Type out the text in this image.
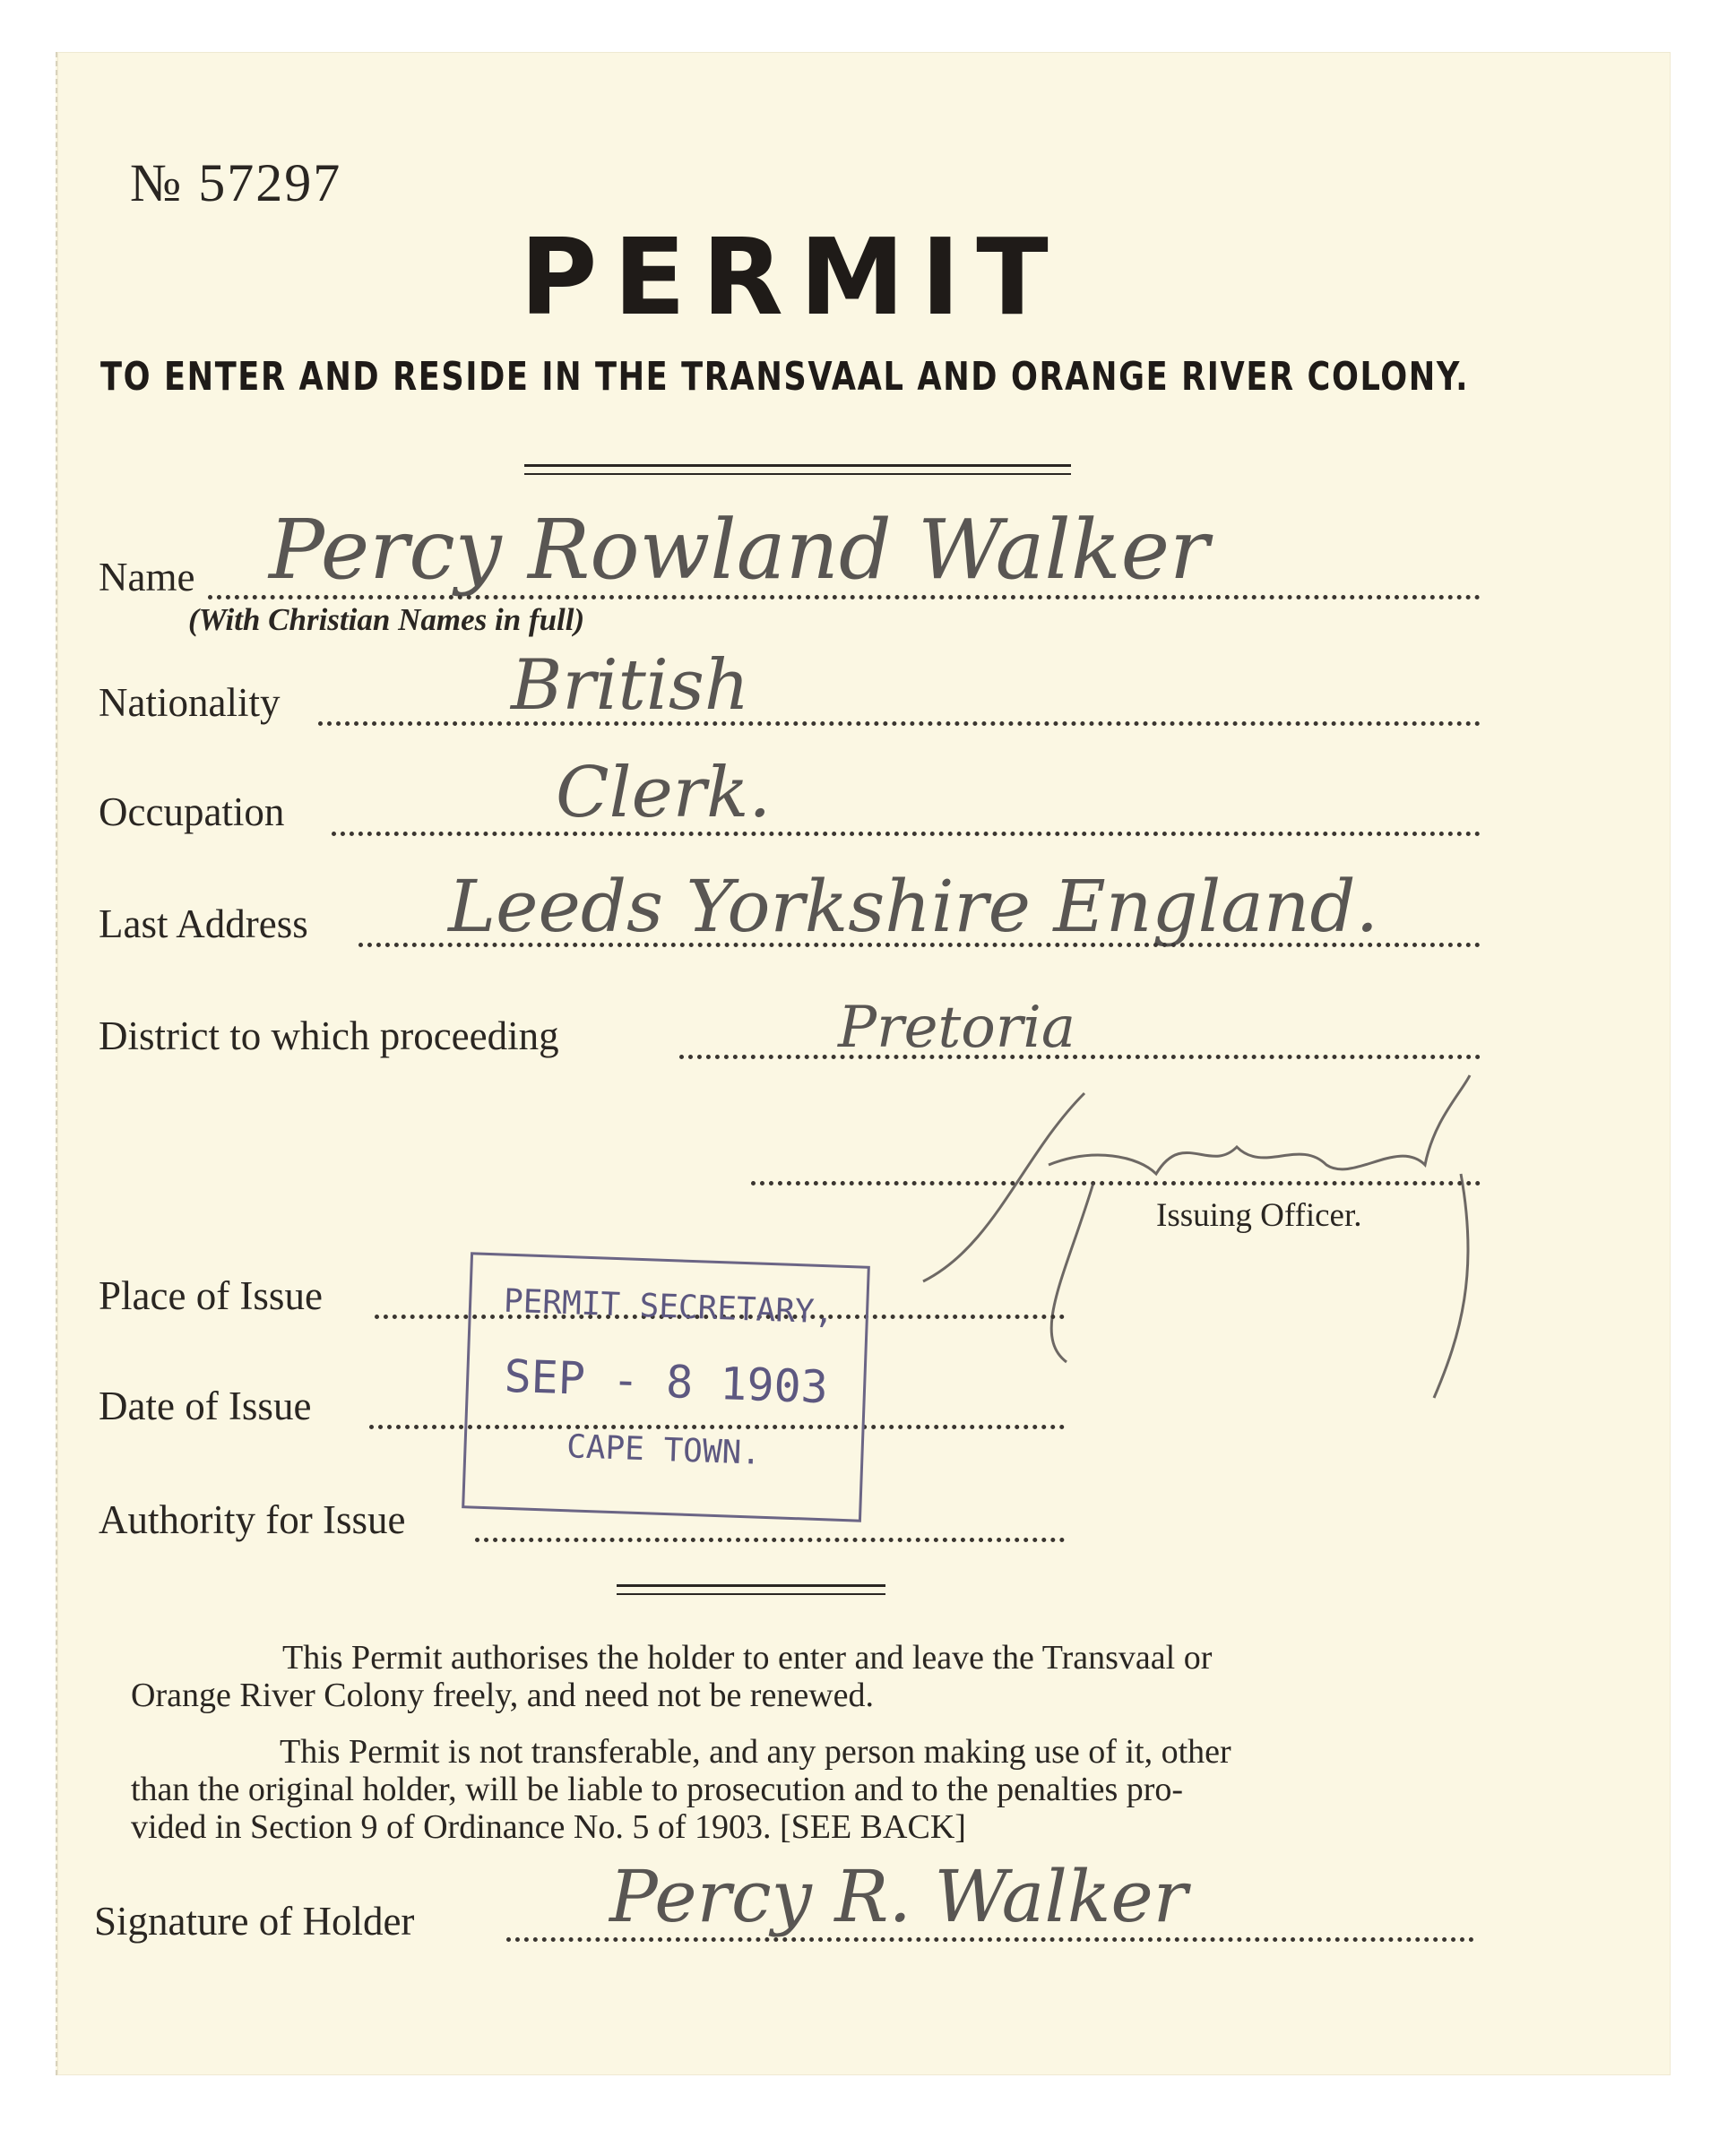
№ 57297
PERMIT
TO ENTER AND RESIDE IN THE TRANSVAAL AND ORANGE RIVER COLONY.
Name Percy Rowland Walker
(With Christian Names in full)
Nationality	British
Occupation	Clerk.
Last Address Leeds Yorkshire England.
District to which proceeding	Pretoria
Issuing Officer.
Place of Issue
Date of Issue
Authority for Issue
PERMIT SECRETARY,
SEP - 8 1903
CAPE TOWN.
This Permit authorises the holder to enter and leave the Transvaal or
Orange River Colony freely, and need not be renewed.
This Permit is not transferable, and any person making use of it, other
than the original holder, will be liable to prosecution and to the penalties pro-
vided in Section 9 of Ordinance No. 5 of 1903. [SEE BACK]
Signature of Holder	Percy R. Walker
